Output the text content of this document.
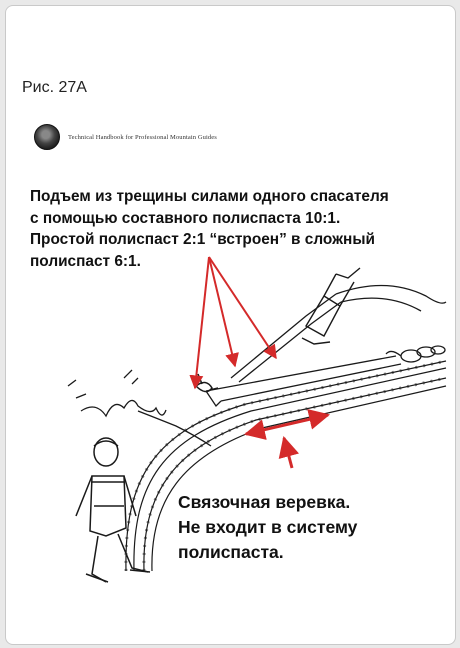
Рис. 27А
Technical Handbook for Professional Mountain Guides
Подъем из трещины силами одного спасателя
с помощью составного полиспаста 10:1.
Простой полиспаст 2:1 “встроен” в сложный
полиспаст 6:1.
Связочная веревка.
Не входит в систему
полиспаста.
